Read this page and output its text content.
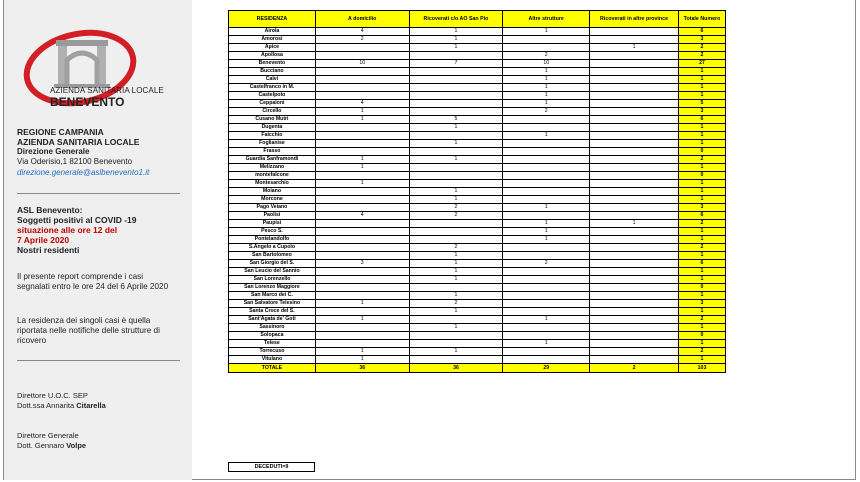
AZIENDA SANITARIA LOCALE
BENEVENTO
REGIONE CAMPANIA
AZIENDA SANITARIA LOCALE
Direzione Generale
Via Oderisio,1 82100 Benevento
direzione.generale@aslbenevento1.it
ASL Benevento:
Soggetti positivi al COVID -19
situazione alle ore 12 del
7 Aprile 2020
Nostri residenti
Il presente report comprende i casi segnalati entro le ore 24 del 6 Aprile 2020
La residenza dei singoli casi è quella riportata nelle notifiche delle strutture di ricovero
Direttore U.O.C. SEP
Dott.ssa Annarita Citarella
Direttore Generale
Dott. Gennaro Volpe
RESIDENZA	A domicilio	Ricoverati c/o AO San Pio	Altre strutture	Ricoverati in altre province	Totale Numero
Airola	4	1	1		6
Amorosi	2	1			3
Apice		1		1	2
Apollosa			2		2
Benevento	10	7	10		27
Bucciano			1		1
Calvi			1		1
Castelfranco in M.			1		1
Castelpoto			1		1
Ceppaloni	4		1		5
Circello	1		2		3
Cusano Mutri	1	5			6
Dugenta		1			1
Faicchio			1		1
Foglianise		1			1
Frasso					0
Guardia Sanframondi	1	1			2
Melizzano	1				1
montefalcone					0
Montesarchio	1				1
Moiano		1			1
Morcone		1			1
Pago Veiano		2	1		3
Paolisi	4	2			6
Paupisi			1	1	2
Pesco S.			1		1
Pontelandolfo			1		1
S.Angelo a Cupolo		2			2
San Bartolomeo		1			1
San Giorgio del S.	3	1	2		6
San Leucio del Sannio		1			1
San Lorenzello		1			1
San Lorenzo Maggiore					0
San Marco dei C.		1			1
San Salvatore Telesino	1	2			3
Santa Croce del S.		1			1
Sant'Agata de' Goti	1		1		2
Sassinoro		1			1
Solopaca					0
Telese			1		1
Torrecuso	1	1			2
Vitulano	1				1
TOTALE	36	36	29	2	103
DECEDUTI=9
